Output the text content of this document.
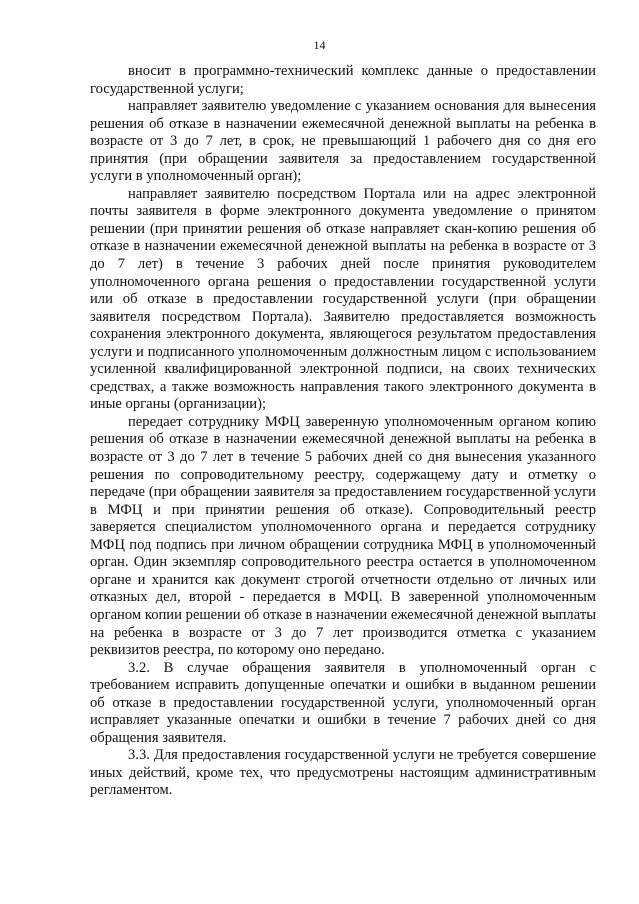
14

вносит в программно-технический комплекс данные о предоставлении государственной услуги;

направляет заявителю уведомление с указанием основания для вынесения решения об отказе в назначении ежемесячной денежной выплаты на ребенка в возрасте от 3 до 7 лет, в срок, не превышающий 1 рабочего дня со дня его принятия (при обращении заявителя за предоставлением государственной услуги в уполномоченный орган);

направляет заявителю посредством Портала или на адрес электронной почты заявителя в форме электронного документа уведомление о принятом решении (при принятии решения об отказе направляет скан-копию решения об отказе в назначении ежемесячной денежной выплаты на ребенка в возрасте от 3 до 7 лет) в течение 3 рабочих дней после принятия руководителем уполномоченного органа решения о предоставлении государственной услуги или об отказе в предоставлении государственной услуги (при обращении заявителя посредством Портала). Заявителю предоставляется возможность сохранения электронного документа, являющегося результатом предоставления услуги и подписанного уполномоченным должностным лицом с использованием усиленной квалифицированной электронной подписи, на своих технических средствах, а также возможность направления такого электронного документа в иные органы (организации);

передает сотруднику МФЦ заверенную уполномоченным органом копию решения об отказе в назначении ежемесячной денежной выплаты на ребенка в возрасте от 3 до 7 лет в течение 5 рабочих дней со дня вынесения указанного решения по сопроводительному реестру, содержащему дату и отметку о передаче (при обращении заявителя за предоставлением государственной услуги в МФЦ и при принятии решения об отказе). Сопроводительный реестр заверяется специалистом уполномоченного органа и передается сотруднику МФЦ под подпись при личном обращении сотрудника МФЦ в уполномоченный орган. Один экземпляр сопроводительного реестра остается в уполномоченном органе и хранится как документ строгой отчетности отдельно от личных или отказных дел, второй - передается в МФЦ. В заверенной уполномоченным органом копии решении об отказе в назначении ежемесячной денежной выплаты на ребенка в возрасте от 3 до 7 лет производится отметка с указанием реквизитов реестра, по которому оно передано.

3.2. В случае обращения заявителя в уполномоченный орган с требованием исправить допущенные опечатки и ошибки в выданном решении об отказе в предоставлении государственной услуги, уполномоченный орган исправляет указанные опечатки и ошибки в течение 7 рабочих дней со дня обращения заявителя.

3.3. Для предоставления государственной услуги не требуется совершение иных действий, кроме тех, что предусмотрены настоящим административным регламентом.
